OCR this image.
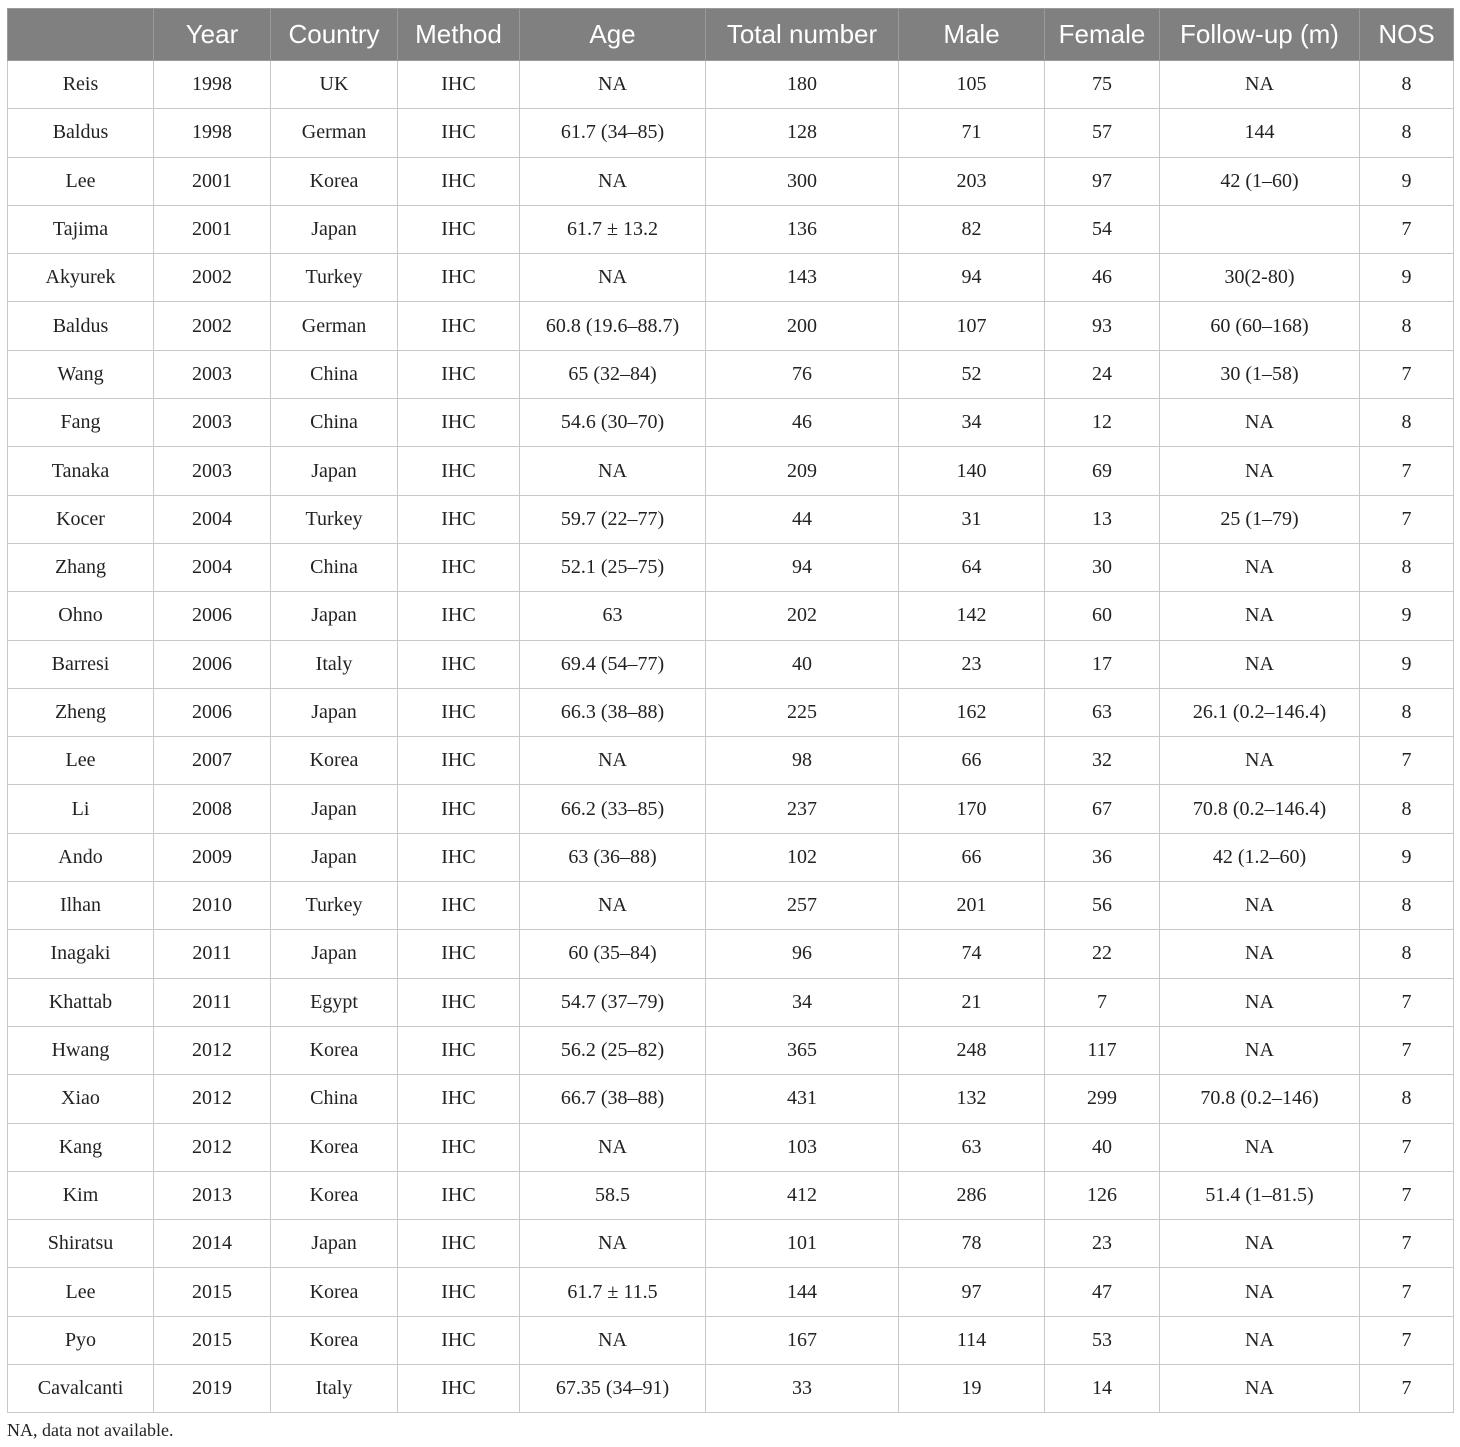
	Year	Country	Method	Age	Total number	Male	Female	Follow-up (m)	NOS
Reis	1998	UK	IHC	NA	180	105	75	NA	8
Baldus	1998	German	IHC	61.7 (34–85)	128	71	57	144	8
Lee	2001	Korea	IHC	NA	300	203	97	42 (1–60)	9
Tajima	2001	Japan	IHC	61.7 ± 13.2	136	82	54		7
Akyurek	2002	Turkey	IHC	NA	143	94	46	30(2-80)	9
Baldus	2002	German	IHC	60.8 (19.6–88.7)	200	107	93	60 (60–168)	8
Wang	2003	China	IHC	65 (32–84)	76	52	24	30 (1–58)	7
Fang	2003	China	IHC	54.6 (30–70)	46	34	12	NA	8
Tanaka	2003	Japan	IHC	NA	209	140	69	NA	7
Kocer	2004	Turkey	IHC	59.7 (22–77)	44	31	13	25 (1–79)	7
Zhang	2004	China	IHC	52.1 (25–75)	94	64	30	NA	8
Ohno	2006	Japan	IHC	63	202	142	60	NA	9
Barresi	2006	Italy	IHC	69.4 (54–77)	40	23	17	NA	9
Zheng	2006	Japan	IHC	66.3 (38–88)	225	162	63	26.1 (0.2–146.4)	8
Lee	2007	Korea	IHC	NA	98	66	32	NA	7
Li	2008	Japan	IHC	66.2 (33–85)	237	170	67	70.8 (0.2–146.4)	8
Ando	2009	Japan	IHC	63 (36–88)	102	66	36	42 (1.2–60)	9
Ilhan	2010	Turkey	IHC	NA	257	201	56	NA	8
Inagaki	2011	Japan	IHC	60 (35–84)	96	74	22	NA	8
Khattab	2011	Egypt	IHC	54.7 (37–79)	34	21	7	NA	7
Hwang	2012	Korea	IHC	56.2 (25–82)	365	248	117	NA	7
Xiao	2012	China	IHC	66.7 (38–88)	431	132	299	70.8 (0.2–146)	8
Kang	2012	Korea	IHC	NA	103	63	40	NA	7
Kim	2013	Korea	IHC	58.5	412	286	126	51.4 (1–81.5)	7
Shiratsu	2014	Japan	IHC	NA	101	78	23	NA	7
Lee	2015	Korea	IHC	61.7 ± 11.5	144	97	47	NA	7
Pyo	2015	Korea	IHC	NA	167	114	53	NA	7
Cavalcanti	2019	Italy	IHC	67.35 (34–91)	33	19	14	NA	7
NA, data not available.
